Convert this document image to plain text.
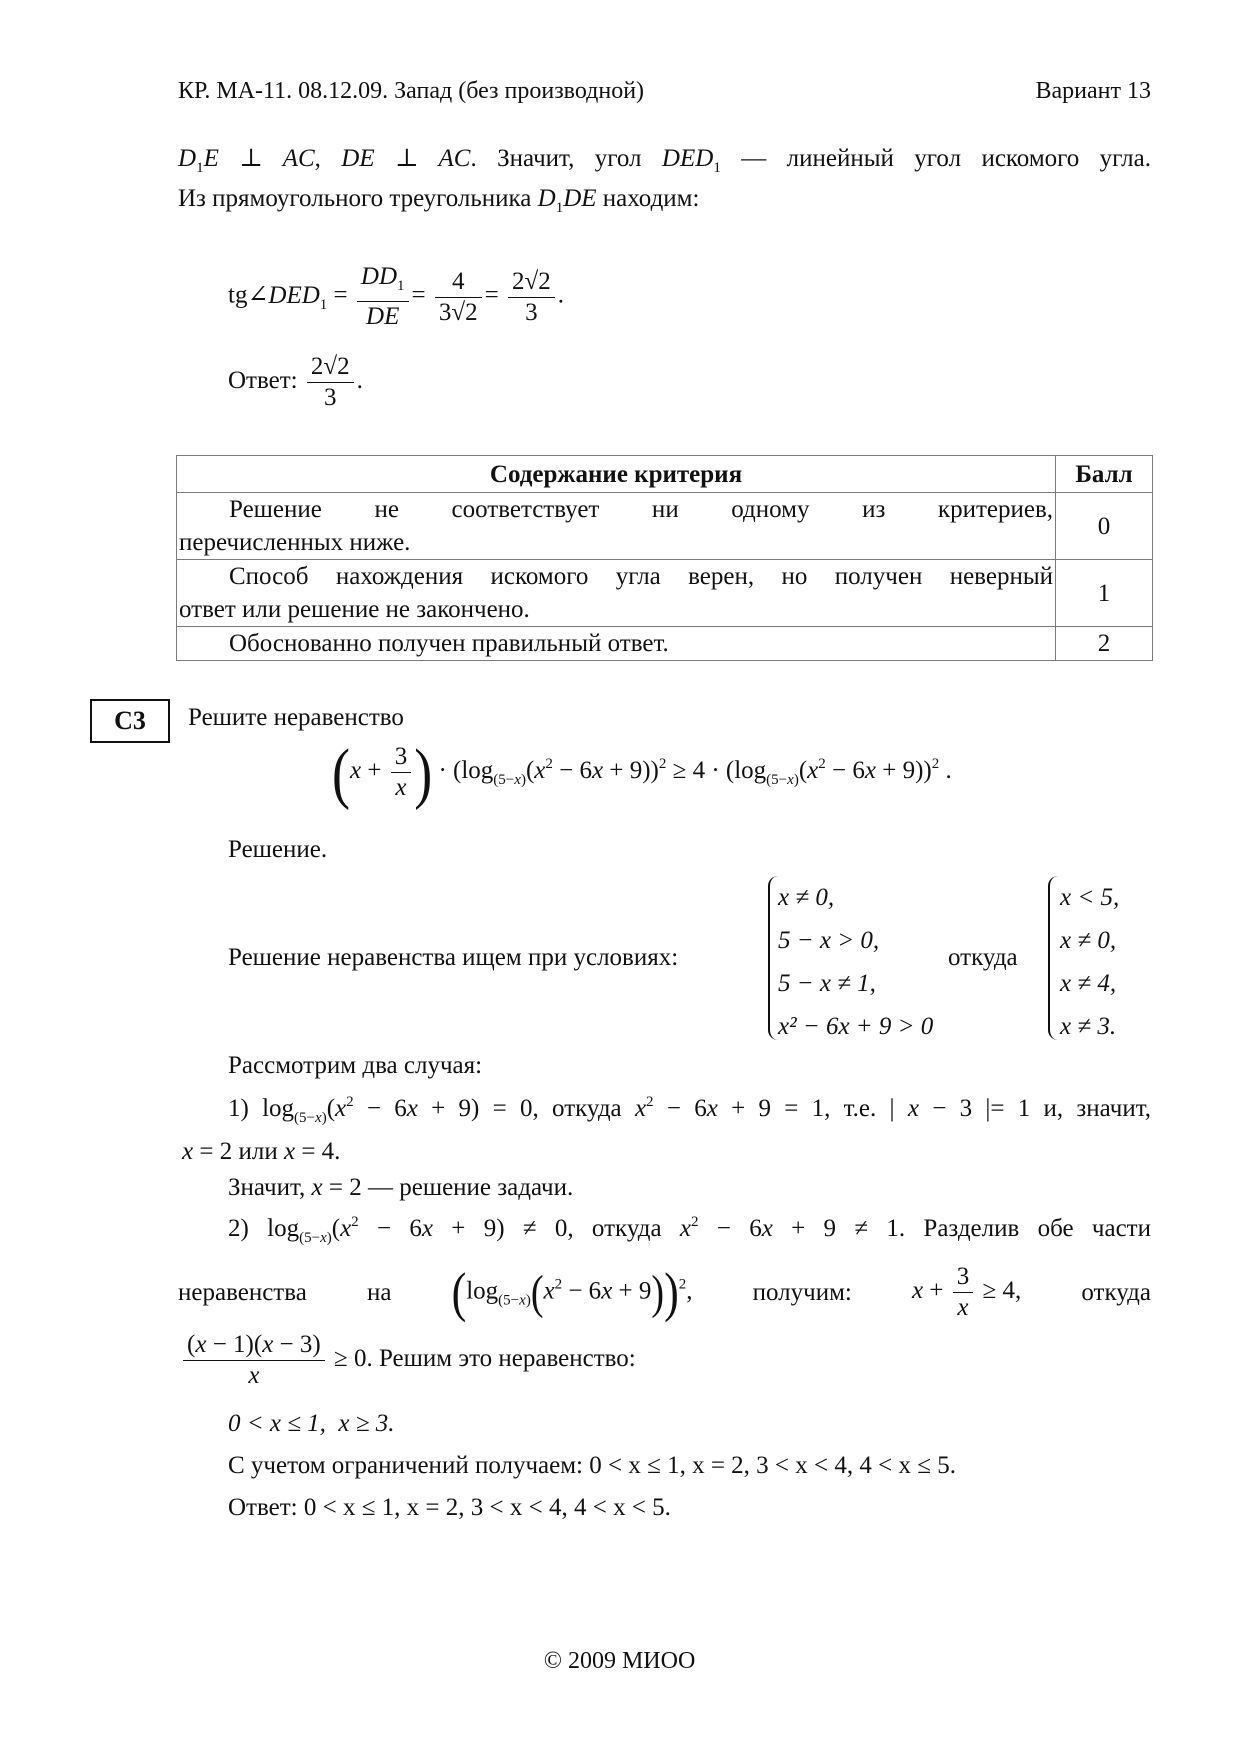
КР. МА-11. 08.12.09. Запад (без производной)	Вариант 13
$D_1E$ ⊥ AC, DE ⊥ AC. Значит, угол $DED_1$ — линейный угол искомого угла.
Из прямоугольного треугольника $D_1DE$ находим:
$tg\angle DED_1 = \frac{DD_1}{DE} = \frac{4}{3√2} = \frac{2√2}{3}$ .
Ответ: $\frac{2√2}{3}$ .
Содержание критерия	Балл

Решение не соответствует ни одному из критериев,
перечисленных ниже.	0

Способ нахождения искомого угла верен, но получен неверный
ответ или решение не закончено.	1

Обоснованно получен правильный ответ.	2
С3	Решите неравенство
($x + \frac{3}{x}$ ) · $(\log_{(5-x)}(x^2 - 6x + 9))^2 \ge 4 \cdot (\log_{(5-x)}(x^2 - 6x + 9))^2$ .
Решение.
Решение неравенства ищем при условиях:
x ≠ 0,
5 − x > 0,
5 − x ≠ 1,
x² − 6x + 9 > 0
откуда
x < 5,
x ≠ 0,
x ≠ 4,
x ≠ 3.
Рассмотрим два случая:
1) $\log_{(5-x)}(x^2 - 6x + 9) = 0$, откуда $x^2 - 6x + 9 = 1$, т.е. | x − 3 |= 1 и, значит,
x = 2 или x = 4.
Значит, x = 2 — решение задачи.
2) $\log_{(5-x)}(x^2 - 6x + 9) \ne 0$, откуда $x^2 - 6x + 9 \ne 1$. Разделив обе части
неравенства на $(\log_{(5-x)}(x^2 - 6x + 9))^2$, получим: $x + \frac{3}{x} \ge 4$, откуда
$\frac{(x - 1)(x - 3)}{x} \ge 0$. Решим это неравенство:
0 < x ≤ 1,  x ≥ 3.
С учетом ограничений получаем: 0 < x ≤ 1, x = 2, 3 < x < 4, 4 < x ≤ 5.
Ответ: 0 < x ≤ 1, x = 2, 3 < x < 4, 4 < x < 5.
© 2009 МИОО
